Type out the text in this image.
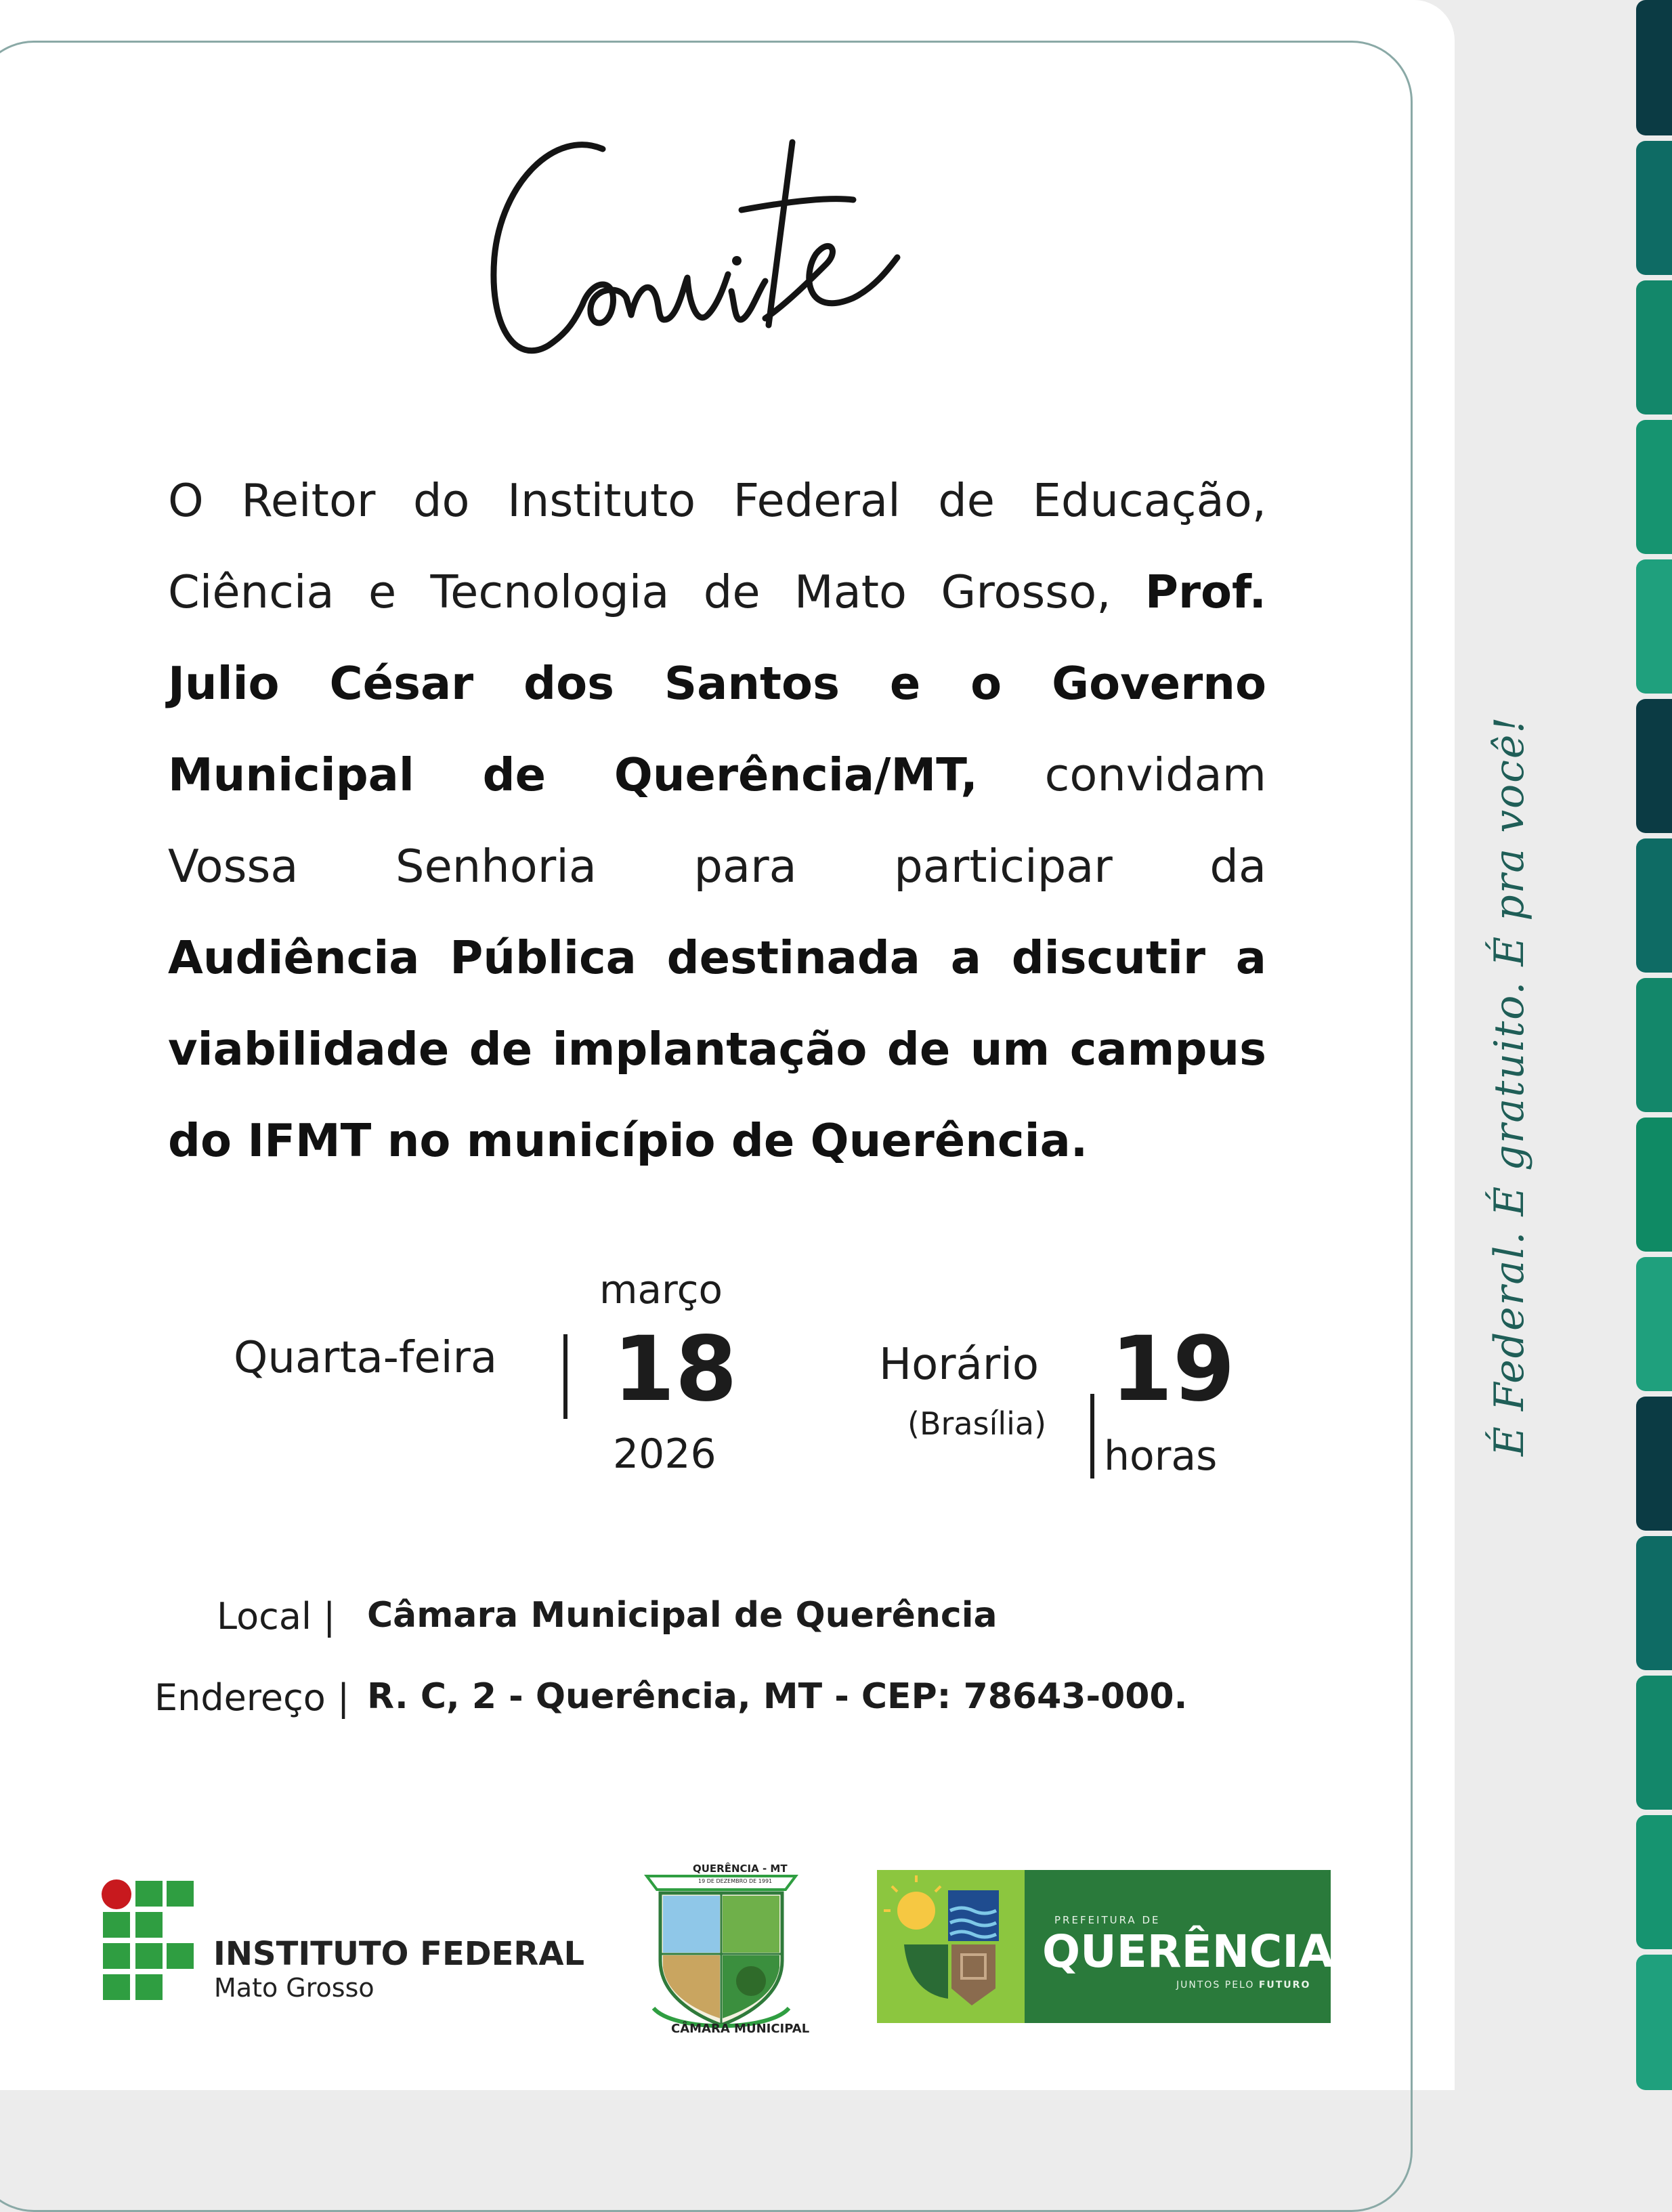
É Federal. É gratuito. É pra você!
O Reitor do Instituto Federal de Educação,
Ciência e Tecnologia de Mato Grosso, Prof.
Julio César dos Santos e o Governo
Municipal de Querência/MT, convidam
Vossa Senhoria para participar da
Audiência Pública destinada a discutir a
viabilidade de implantação de um campus
do IFMT no município de Querência.
Quarta-feira
março
18
2026
Horário
(Brasília)
19
horas
Local | Câmara Municipal de Querência
Endereço | R. C, 2 - Querência, MT - CEP: 78643-000.
INSTITUTO FEDERAL
Mato Grosso
QUERÊNCIA - MT
19 DE DEZEMBRO DE 1991
CÂMARA MUNICIPAL
PREFEITURA DE
QUERÊNCIA
JUNTOS PELO FUTURO
